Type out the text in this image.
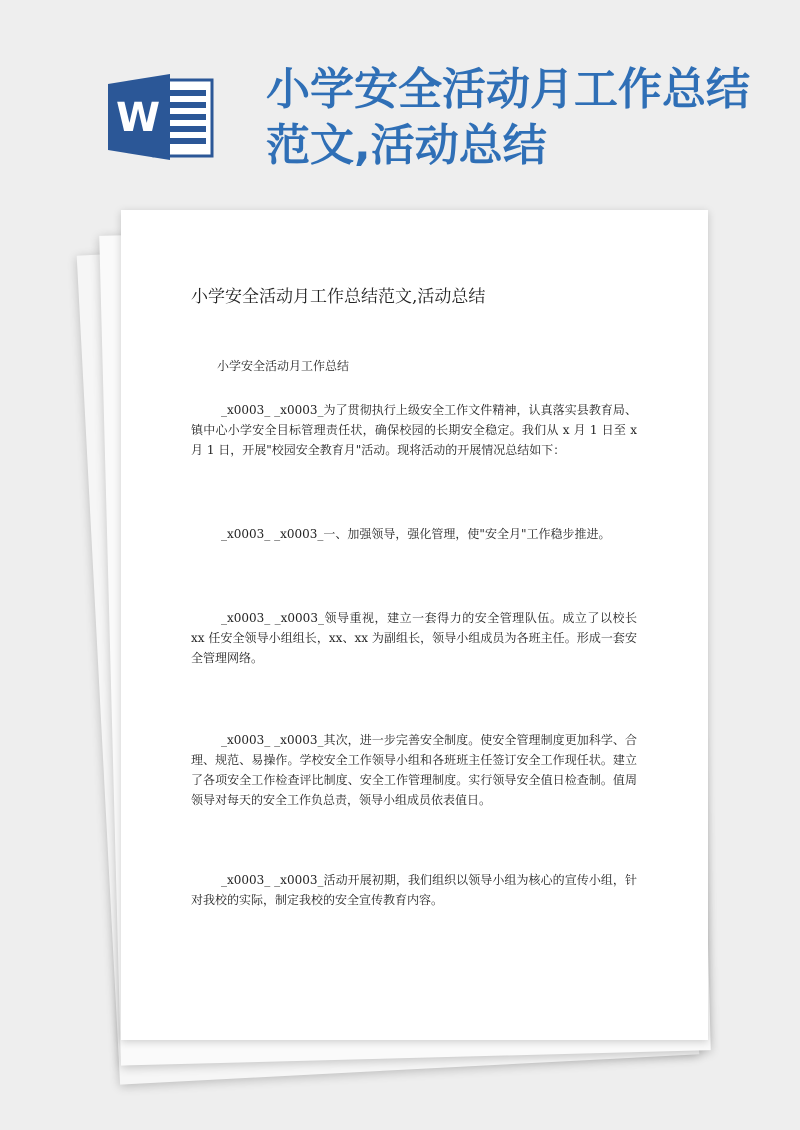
W
小学安全活动月工作总结范文,活动总结
小学安全活动月工作总结范文,活动总结
小学安全活动月工作总结
_x0003_ _x0003_为了贯彻执行上级安全工作文件精神，认真落实县教育局、镇中心小学安全目标管理责任状，确保校园的长期安全稳定。我们从 x 月 1 日至 x 月 1 日，开展"校园安全教育月"活动。现将活动的开展情况总结如下：
_x0003_ _x0003_一、加强领导，强化管理，使"安全月"工作稳步推进。
_x0003_ _x0003_领导重视，建立一套得力的安全管理队伍。成立了以校长 xx 任安全领导小组组长，xx、xx 为副组长，领导小组成员为各班主任。形成一套安全管理网络。
_x0003_ _x0003_其次，进一步完善安全制度。使安全管理制度更加科学、合理、规范、易操作。学校安全工作领导小组和各班班主任签订安全工作现任状。建立了各项安全工作检查评比制度、安全工作管理制度。实行领导安全值日检查制。值周领导对每天的安全工作负总责，领导小组成员依表值日。
_x0003_ _x0003_活动开展初期，我们组织以领导小组为核心的宣传小组，针对我校的实际，制定我校的安全宣传教育内容。
